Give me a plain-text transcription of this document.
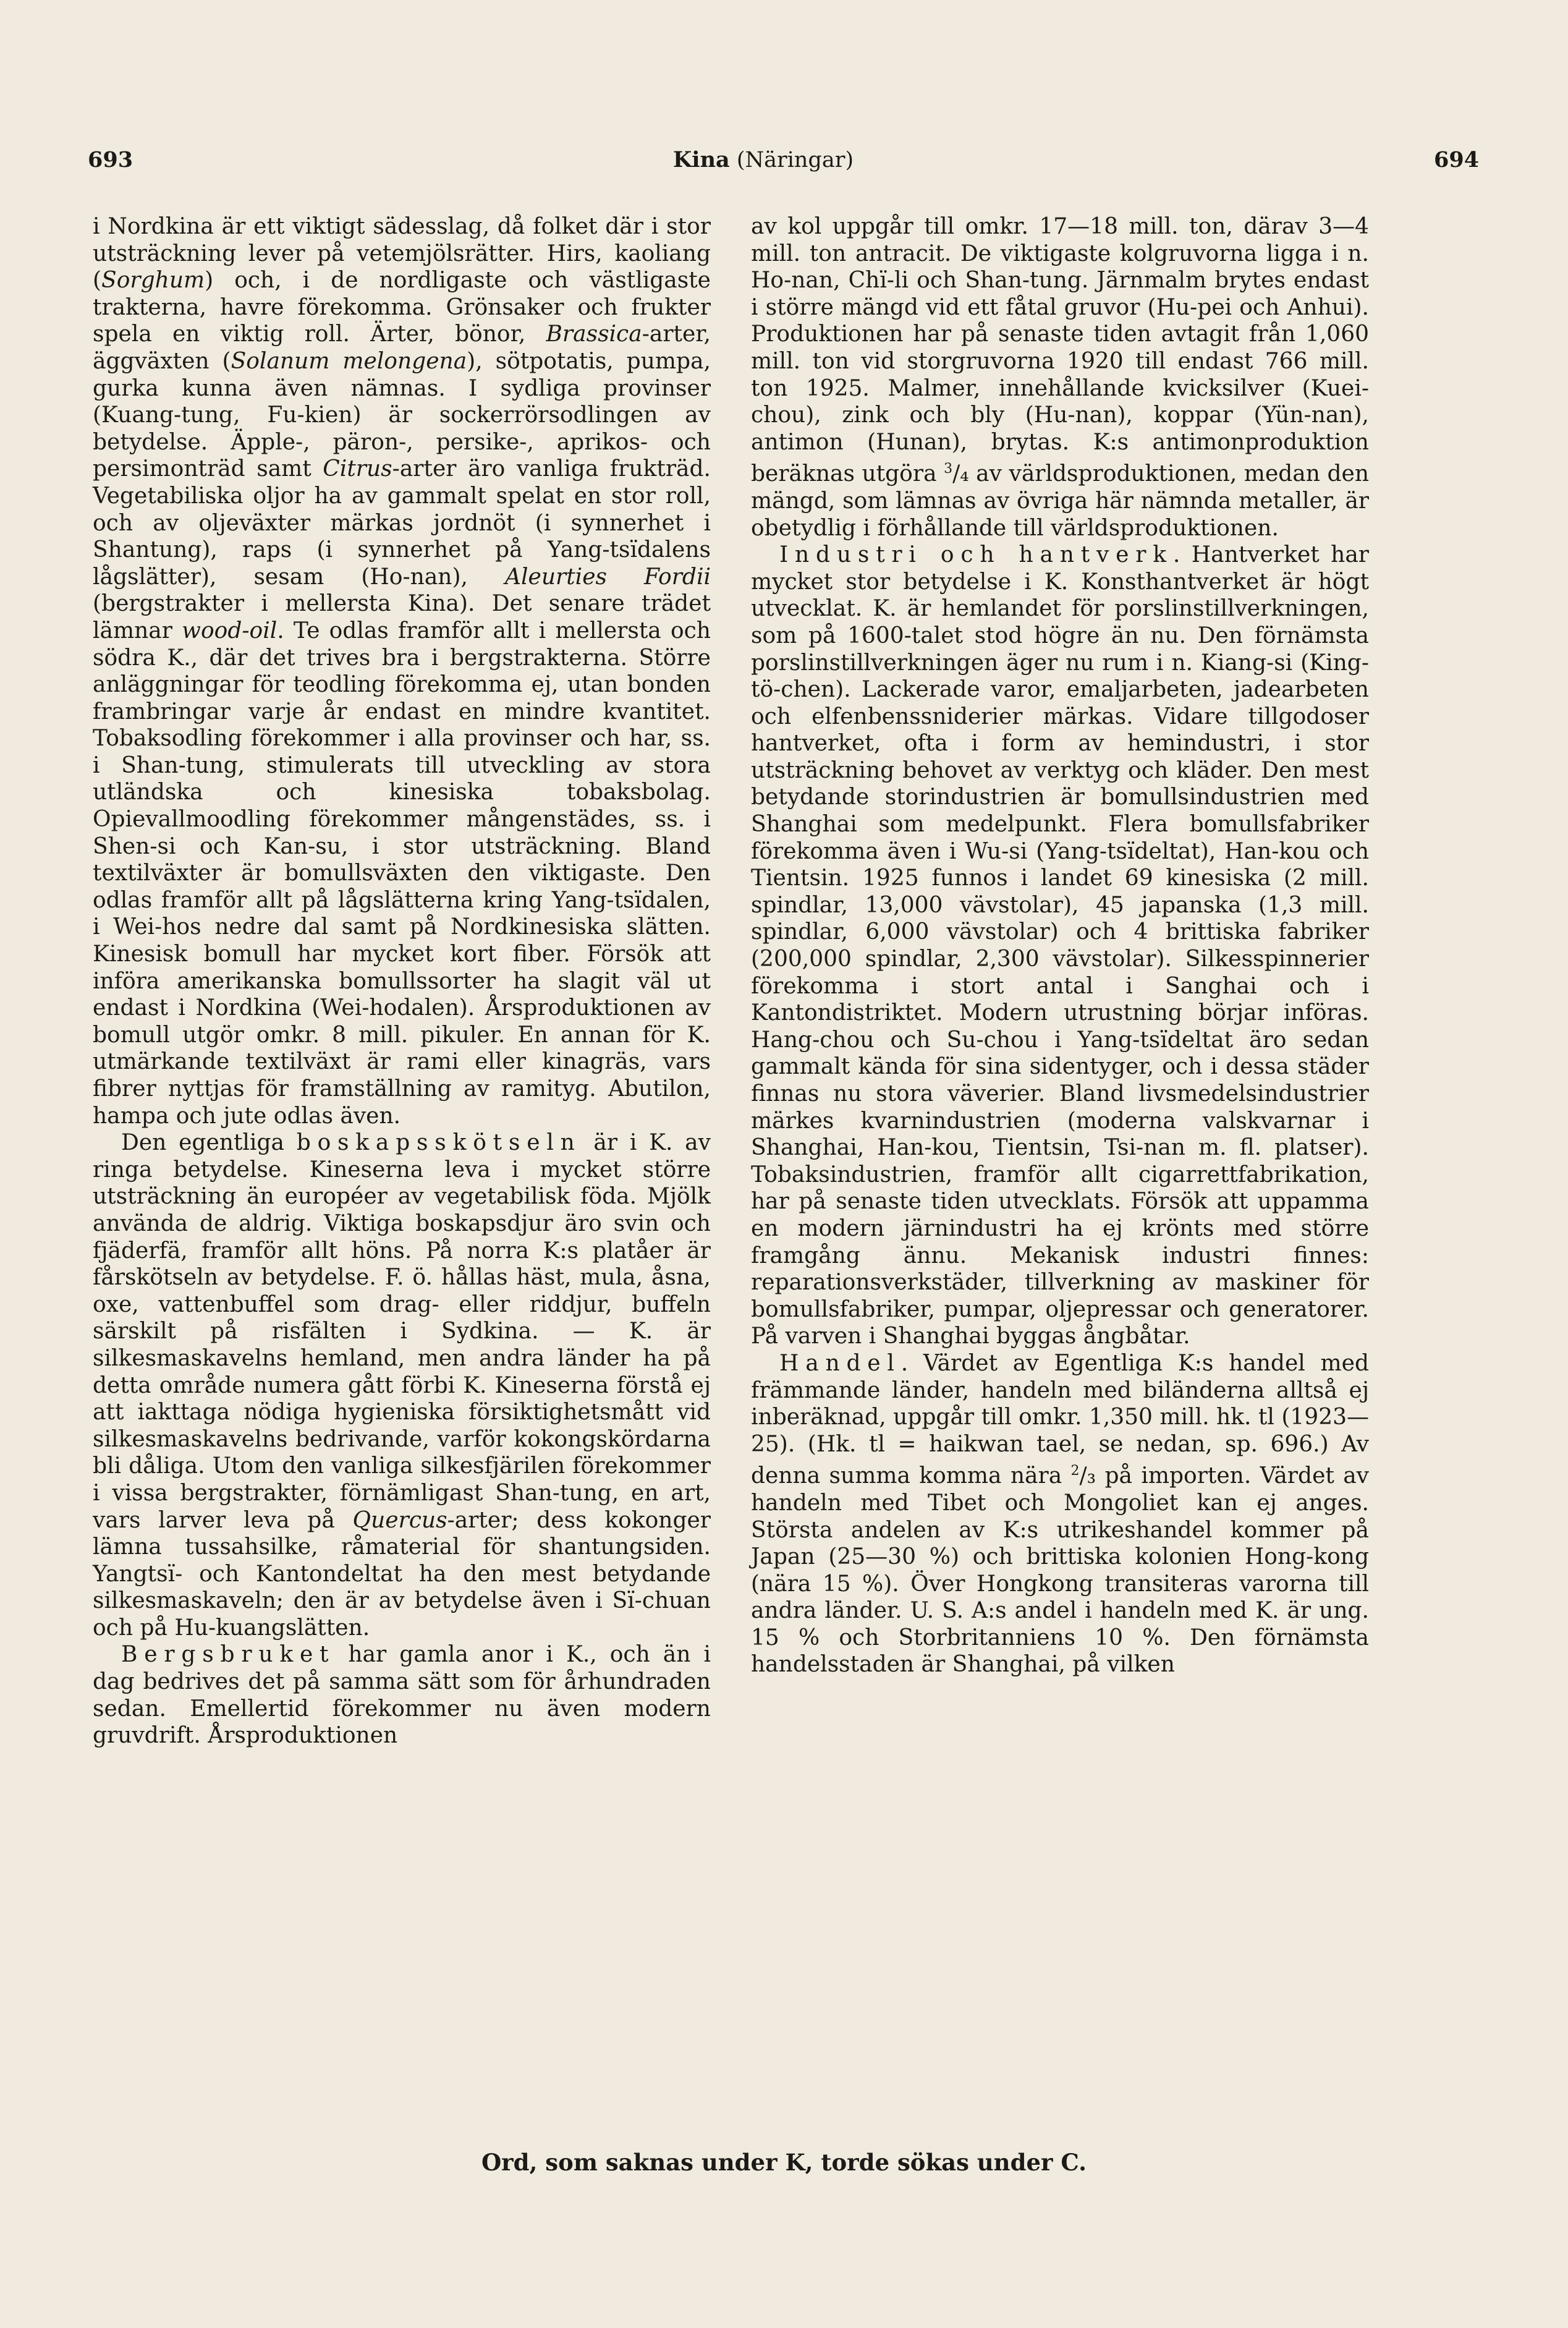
693	Kina (Näringar)	694

i Nordkina är ett viktigt sädesslag, då folket där i stor utsträckning lever på vetemjölsrätter. Hirs, kaoliang (Sorghum) och, i de nordligaste och västligaste trakterna, havre förekomma. Grönsaker och frukter spela en viktig roll. Ärter, bönor, Brassica-arter, äggväxten (Solanum melongena), sötpotatis, pumpa, gurka kunna även nämnas. I sydliga provinser (Kuang-tung, Fu-kien) är sockerrörsodlingen av betydelse. Äpple-, päron-, persike-, aprikos- och persimonträd samt Citrus-arter äro vanliga frukträd. Vegetabiliska oljor ha av gammalt spelat en stor roll, och av oljeväxter märkas jordnöt (i synnerhet i Shantung), raps (i synnerhet på Yang-tsïdalens lågslätter), sesam (Ho-nan), Aleurties Fordii (bergstrakter i mellersta Kina). Det senare trädet lämnar wood-oil. Te odlas framför allt i mellersta och södra K., där det trives bra i bergstrakterna. Större anläggningar för teodling förekomma ej, utan bonden frambringar varje år endast en mindre kvantitet. Tobaksodling förekommer i alla provinser och har, ss. i Shan-tung, stimulerats till utveckling av stora utländska och kinesiska tobaksbolag. Opievallmoodling förekommer mångenstädes, ss. i Shen-si och Kan-su, i stor utsträckning. Bland textilväxter är bomullsväxten den viktigaste. Den odlas framför allt på lågslätterna kring Yang-tsïdalen, i Wei-hos nedre dal samt på Nordkinesiska slätten. Kinesisk bomull har mycket kort fiber. Försök att införa amerikanska bomullssorter ha slagit väl ut endast i Nordkina (Wei-hodalen). Årsproduktionen av bomull utgör omkr. 8 mill. pikuler. En annan för K. utmärkande textilväxt är rami eller kinagräs, vars fibrer nyttjas för framställning av ramityg. Abutilon, hampa och jute odlas även.

Den egentliga boskapsskötseln är i K. av ringa betydelse. Kineserna leva i mycket större utsträckning än européer av vegetabilisk föda. Mjölk använda de aldrig. Viktiga boskapsdjur äro svin och fjäderfä, framför allt höns. På norra K:s platåer är fårskötseln av betydelse. F. ö. hållas häst, mula, åsna, oxe, vattenbuffel som drag- eller riddjur, buffeln särskilt på risfälten i Sydkina. — K. är silkesmaskavelns hemland, men andra länder ha på detta område numera gått förbi K. Kineserna förstå ej att iakttaga nödiga hygieniska försiktighetsmått vid silkesmaskavelns bedrivande, varför kokongskördarna bli dåliga. Utom den vanliga silkesfjärilen förekommer i vissa bergstrakter, förnämligast Shan-tung, en art, vars larver leva på Quercus-arter; dess kokonger lämna tussahsilke, råmaterial för shantungsiden. Yangtsï- och Kantondeltat ha den mest betydande silkesmaskaveln; den är av betydelse även i Sï-chuan och på Hu-kuangslätten.

Bergsbruket har gamla anor i K., och än i dag bedrives det på samma sätt som för århundraden sedan. Emellertid förekommer nu även modern gruvdrift. Årsproduktionen

av kol uppgår till omkr. 17—18 mill. ton, därav 3—4 mill. ton antracit. De viktigaste kolgruvorna ligga i n. Ho-nan, Chï-li och Shan-tung. Järnmalm brytes endast i större mängd vid ett fåtal gruvor (Hu-pei och Anhui). Produktionen har på senaste tiden avtagit från 1,060 mill. ton vid storgruvorna 1920 till endast 766 mill. ton 1925. Malmer, innehållande kvicksilver (Kuei-chou), zink och bly (Hu-nan), koppar (Yün-nan), antimon (Hunan), brytas. K:s antimonproduktion beräknas utgöra $^3$/₄ av världsproduktionen, medan den mängd, som lämnas av övriga här nämnda metaller, är obetydlig i förhållande till världsproduktionen.

Industri och hantverk. Hantverket har mycket stor betydelse i K. Konsthantverket är högt utvecklat. K. är hemlandet för porslinstillverkningen, som på 1600-talet stod högre än nu. Den förnämsta porslinstillverkningen äger nu rum i n. Kiang-si (King-tö-chen). Lackerade varor, emaljarbeten, jadearbeten och elfenbenssniderier märkas. Vidare tillgodoser hantverket, ofta i form av hemindustri, i stor utsträckning behovet av verktyg och kläder. Den mest betydande storindustrien är bomullsindustrien med Shanghai som medelpunkt. Flera bomullsfabriker förekomma även i Wu-si (Yang-tsïdeltat), Han-kou och Tientsin. 1925 funnos i landet 69 kinesiska (2 mill. spindlar, 13,000 vävstolar), 45 japanska (1,3 mill. spindlar, 6,000 vävstolar) och 4 brittiska fabriker (200,000 spindlar, 2,300 vävstolar). Silkesspinnerier förekomma i stort antal i Sanghai och i Kantondistriktet. Modern utrustning börjar införas. Hang-chou och Su-chou i Yang-tsïdeltat äro sedan gammalt kända för sina sidentyger, och i dessa städer finnas nu stora väverier. Bland livsmedelsindustrier märkes kvarnindustrien (moderna valskvarnar i Shanghai, Han-kou, Tientsin, Tsi-nan m. fl. platser). Tobaksindustrien, framför allt cigarrettfabrikation, har på senaste tiden utvecklats. Försök att uppamma en modern järnindustri ha ej krönts med större framgång ännu. Mekanisk industri finnes: reparationsverkstäder, tillverkning av maskiner för bomullsfabriker, pumpar, oljepressar och generatorer. På varven i Shanghai byggas ångbåtar.

Handel. Värdet av Egentliga K:s handel med främmande länder, handeln med biländerna alltså ej inberäknad, uppgår till omkr. 1,350 mill. hk. tl (1923—25). (Hk. tl = haikwan tael, se nedan, sp. 696.) Av denna summa komma nära $^2$/₃ på importen. Värdet av handeln med Tibet och Mongoliet kan ej anges. Största andelen av K:s utrikeshandel kommer på Japan (25—30 %) och brittiska kolonien Hong-kong (nära 15 %). Över Hongkong transiteras varorna till andra länder. U. S. A:s andel i handeln med K. är ung. 15 % och Storbritanniens 10 %. Den förnämsta handelsstaden är Shanghai, på vilken

Ord, som saknas under K, torde sökas under C.
